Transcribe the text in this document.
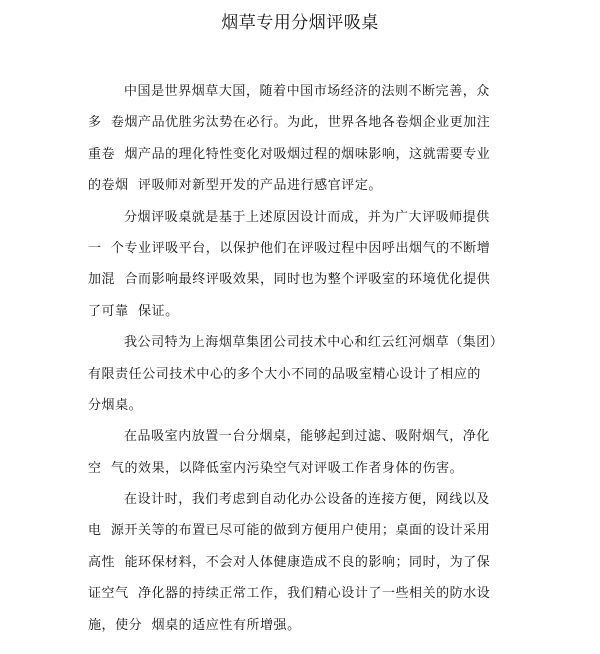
烟草专用分烟评吸桌
中国是世界烟草大国，随着中国市场经济的法则不断完善，众
多  卷烟产品优胜劣汰势在必行。为此，世界各地各卷烟企业更加注
重卷  烟产品的理化特性变化对吸烟过程的烟味影响，这就需要专业
的卷烟  评吸师对新型开发的产品进行感官评定。
分烟评吸桌就是基于上述原因设计而成，并为广大评吸师提供
一  个专业评吸平台，以保护他们在评吸过程中因呼出烟气的不断增
加混  合而影响最终评吸效果，同时也为整个评吸室的环境优化提供
了可靠  保证。
我公司特为上海烟草集团公司技术中心和红云红河烟草（集团）
有限责任公司技术中心的多个大小不同的品吸室精心设计了相应的
分烟桌。
在品吸室内放置一台分烟桌，能够起到过滤、吸附烟气，净化
空  气的效果，以降低室内污染空气对评吸工作者身体的伤害。
在设计时，我们考虑到自动化办公设备的连接方便，网线以及
电  源开关等的布置已尽可能的做到方便用户使用；桌面的设计采用
高性  能环保材料，不会对人体健康造成不良的影响；同时，为了保
证空气  净化器的持续正常工作，我们精心设计了一些相关的防水设
施，使分  烟桌的适应性有所增强。
